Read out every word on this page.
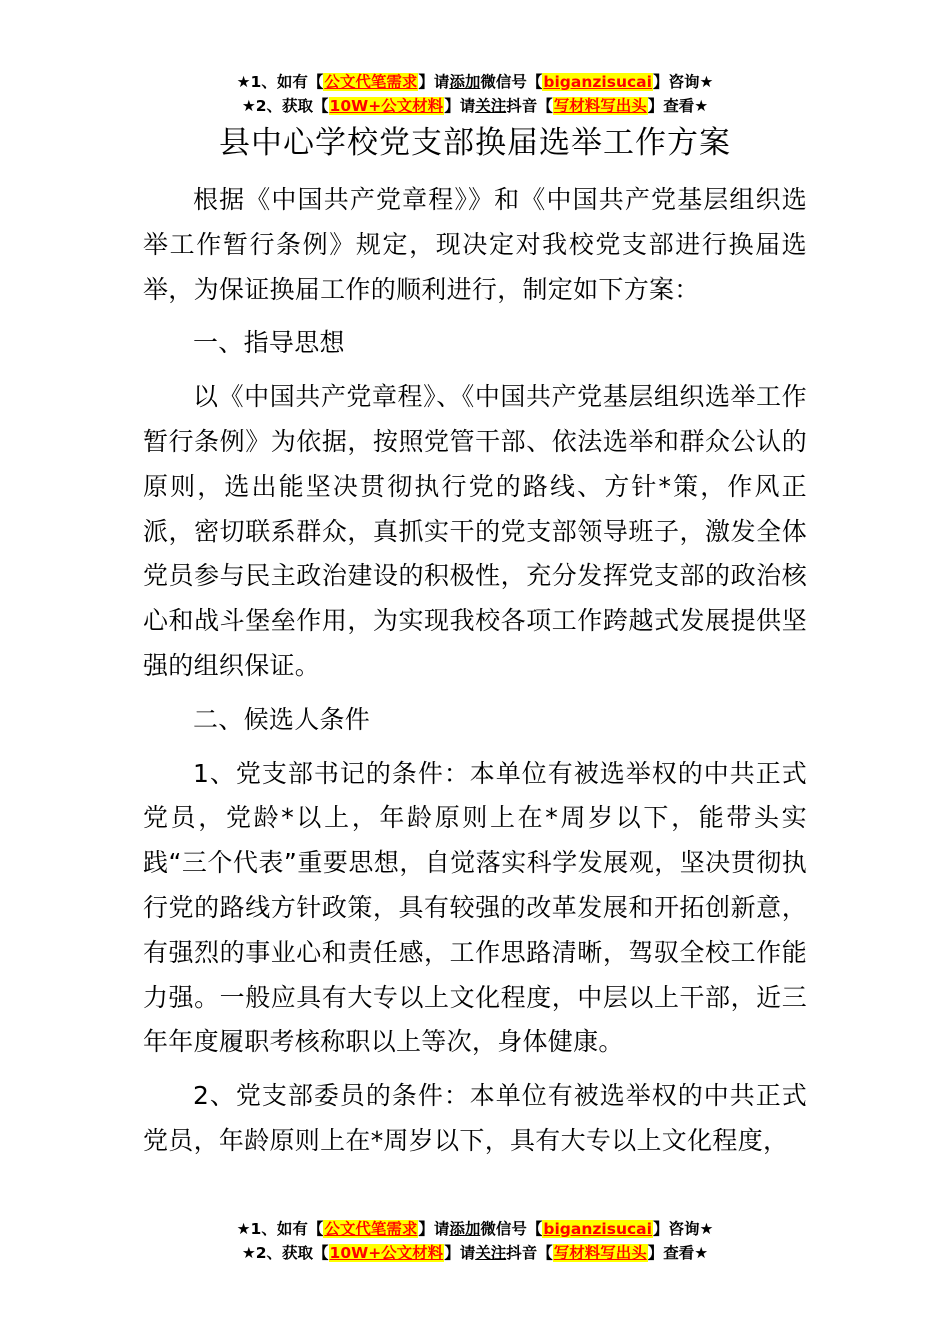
★1、如有【公文代笔需求】请添加微信号【biganzisucai】咨询★
★2、获取【10W+公文材料】请关注抖音【写材料写出头】查看★
县中心学校党支部换届选举工作方案

根据《中国共产党章程》》和《中国共产党基层组织选举工作暂行条例》规定，现决定对我校党支部进行换届选举，为保证换届工作的顺利进行，制定如下方案：

一、指导思想

以《中国共产党章程》、《中国共产党基层组织选举工作暂行条例》为依据，按照党管干部、依法选举和群众公认的原则，选出能坚决贯彻执行党的路线、方针*策，作风正派，密切联系群众，真抓实干的党支部领导班子，激发全体党员参与民主政治建设的积极性，充分发挥党支部的政治核心和战斗堡垒作用，为实现我校各项工作跨越式发展提供坚强的组织保证。

二、候选人条件

1、党支部书记的条件：本单位有被选举权的中共正式党员，党龄*以上，年龄原则上在*周岁以下，能带头实践“三个代表”重要思想，自觉落实科学发展观，坚决贯彻执行党的路线方针政策，具有较强的改革发展和开拓创新意，有强烈的事业心和责任感，工作思路清晰，驾驭全校工作能力强。一般应具有大专以上文化程度，中层以上干部，近三年年度履职考核称职以上等次，身体健康。

2、党支部委员的条件：本单位有被选举权的中共正式党员，年龄原则上在*周岁以下，具有大专以上文化程度，

★1、如有【公文代笔需求】请添加微信号【biganzisucai】咨询★
★2、获取【10W+公文材料】请关注抖音【写材料写出头】查看★
